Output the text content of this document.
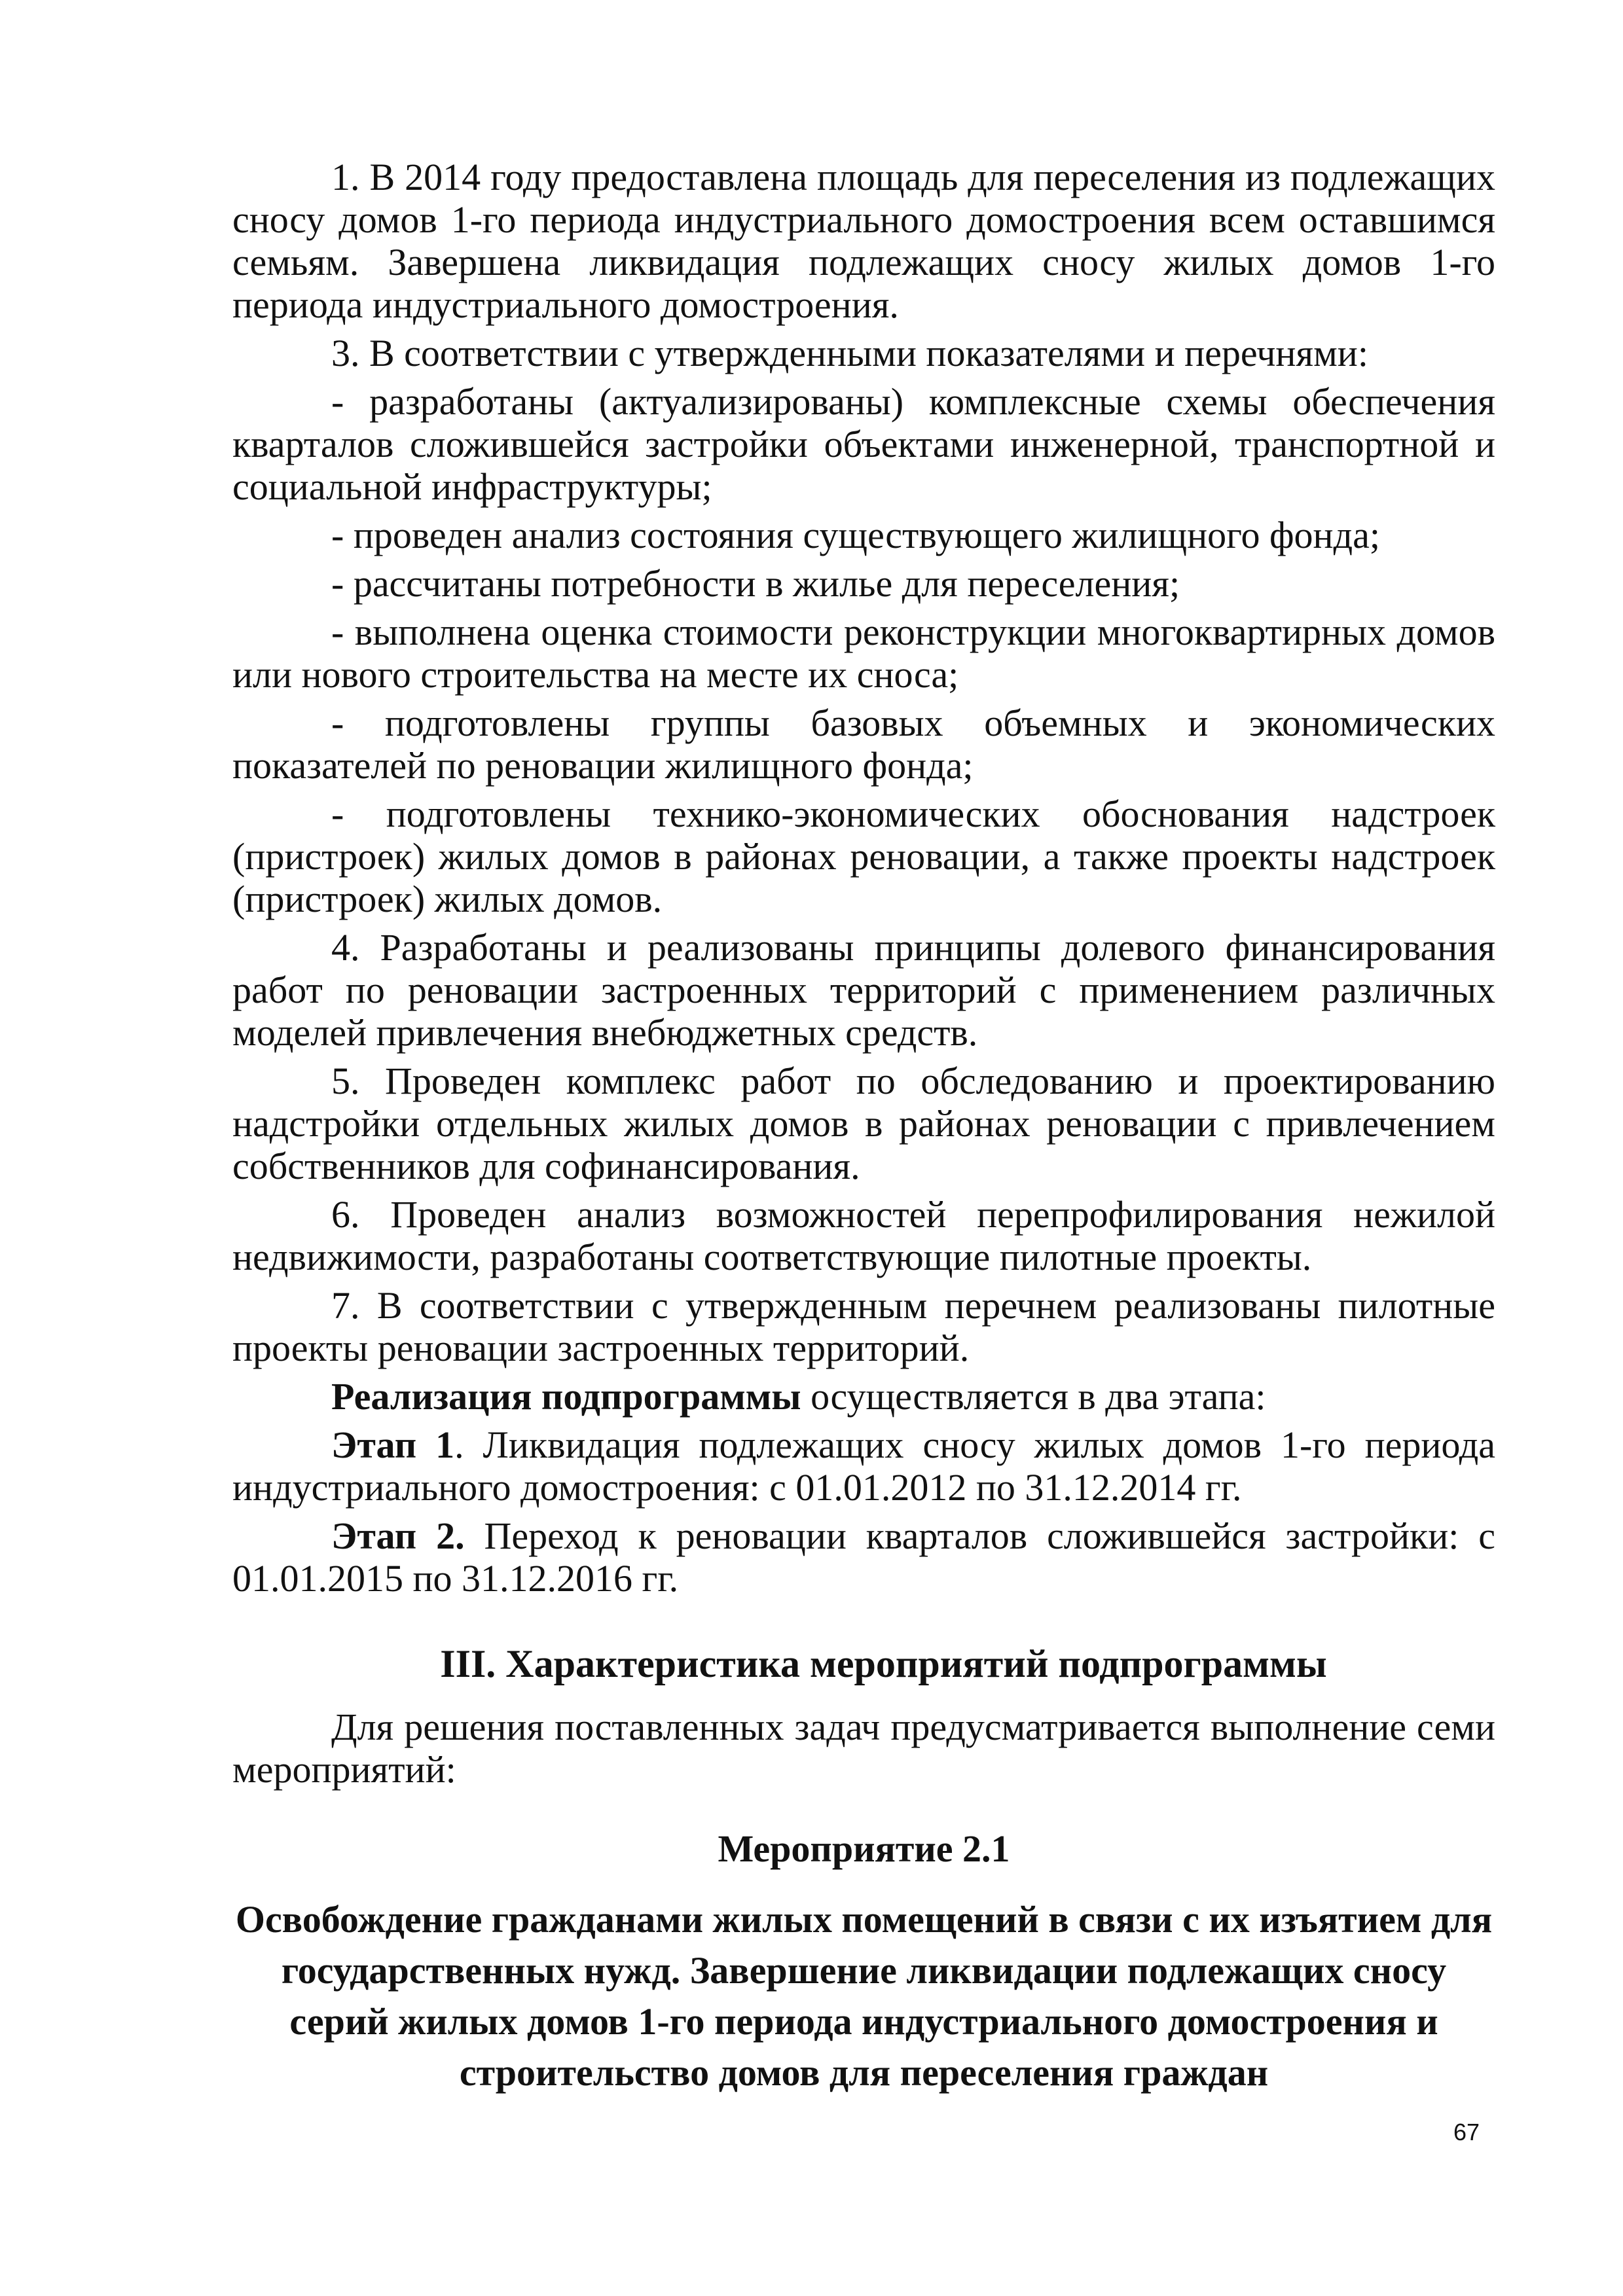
1. В 2014 году предоставлена площадь для переселения из подлежащих сносу домов 1-го периода индустриального домостроения всем оставшимся семьям. Завершена ликвидация подлежащих сносу жилых домов 1-го периода индустриального домостроения.

3. В соответствии с утвержденными показателями и перечнями:

- разработаны (актуализированы) комплексные схемы обеспечения кварталов сложившейся застройки объектами инженерной, транспортной и социальной инфраструктуры;

- проведен анализ состояния существующего жилищного фонда;

- рассчитаны потребности в жилье для переселения;

- выполнена оценка стоимости реконструкции многоквартирных домов или нового строительства на месте их сноса;

- подготовлены группы базовых объемных и экономических показателей по реновации жилищного фонда;

- подготовлены технико-экономических обоснования надстроек (пристроек) жилых домов в районах реновации, а также проекты надстроек (пристроек) жилых домов.

4. Разработаны и реализованы принципы долевого финансирования работ по реновации застроенных территорий с применением различных моделей привлечения внебюджетных средств.

5. Проведен комплекс работ по обследованию и проектированию надстройки отдельных жилых домов в районах реновации с привлечением собственников для софинансирования.

6. Проведен анализ возможностей перепрофилирования нежилой недвижимости, разработаны соответствующие пилотные проекты.

7. В соответствии с утвержденным перечнем реализованы пилотные проекты реновации застроенных территорий.

Реализация подпрограммы осуществляется в два этапа:

Этап 1. Ликвидация подлежащих сносу жилых домов 1-го периода индустриального домостроения: с 01.01.2012 по 31.12.2014 гг.

Этап 2. Переход к реновации кварталов сложившейся застройки: с 01.01.2015 по 31.12.2016 гг.

III. Характеристика мероприятий подпрограммы

Для решения поставленных задач предусматривается выполнение семи мероприятий:

Мероприятие 2.1
Освобождение гражданами жилых помещений в связи с их изъятием для государственных нужд. Завершение ликвидации подлежащих сносу серий жилых домов 1-го периода индустриального домостроения и строительство домов для переселения граждан
67
